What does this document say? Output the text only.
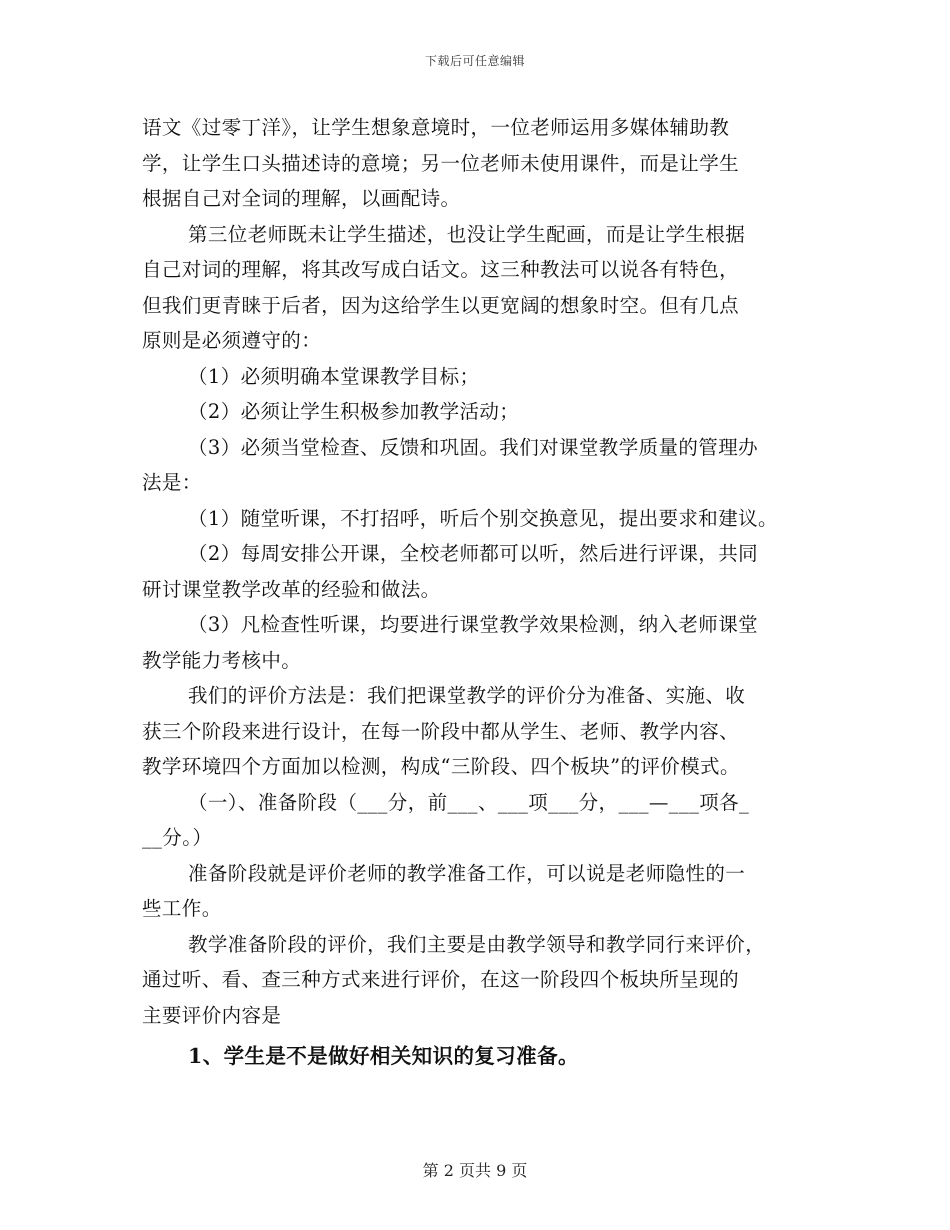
下载后可任意编辑
语文《过零丁洋》，让学生想象意境时，一位老师运用多媒体辅助教
学，让学生口头描述诗的意境；另一位老师未使用课件，而是让学生
根据自己对全词的理解，以画配诗。
第三位老师既未让学生描述，也没让学生配画，而是让学生根据
自己对词的理解，将其改写成白话文。这三种教法可以说各有特色，
但我们更青睐于后者，因为这给学生以更宽阔的想象时空。但有几点
原则是必须遵守的：
（1）必须明确本堂课教学目标；
（2）必须让学生积极参加教学活动；
（3）必须当堂检查、反馈和巩固。我们对课堂教学质量的管理办
法是：
（1）随堂听课，不打招呼，听后个别交换意见，提出要求和建议。
（2）每周安排公开课，全校老师都可以听，然后进行评课，共同
研讨课堂教学改革的经验和做法。
（3）凡检查性听课，均要进行课堂教学效果检测，纳入老师课堂
教学能力考核中。
我们的评价方法是：我们把课堂教学的评价分为准备、实施、收
获三个阶段来进行设计，在每一阶段中都从学生、老师、教学内容、
教学环境四个方面加以检测，构成“三阶段、四个板块”的评价模式。
（一）、准备阶段（___分，前___、___项___分，___—___项各_
__分。）
准备阶段就是评价老师的教学准备工作，可以说是老师隐性的一
些工作。
教学准备阶段的评价，我们主要是由教学领导和教学同行来评价，
通过听、看、查三种方式来进行评价，在这一阶段四个板块所呈现的
主要评价内容是
1、学生是不是做好相关知识的复习准备。
第 2 页共 9 页
